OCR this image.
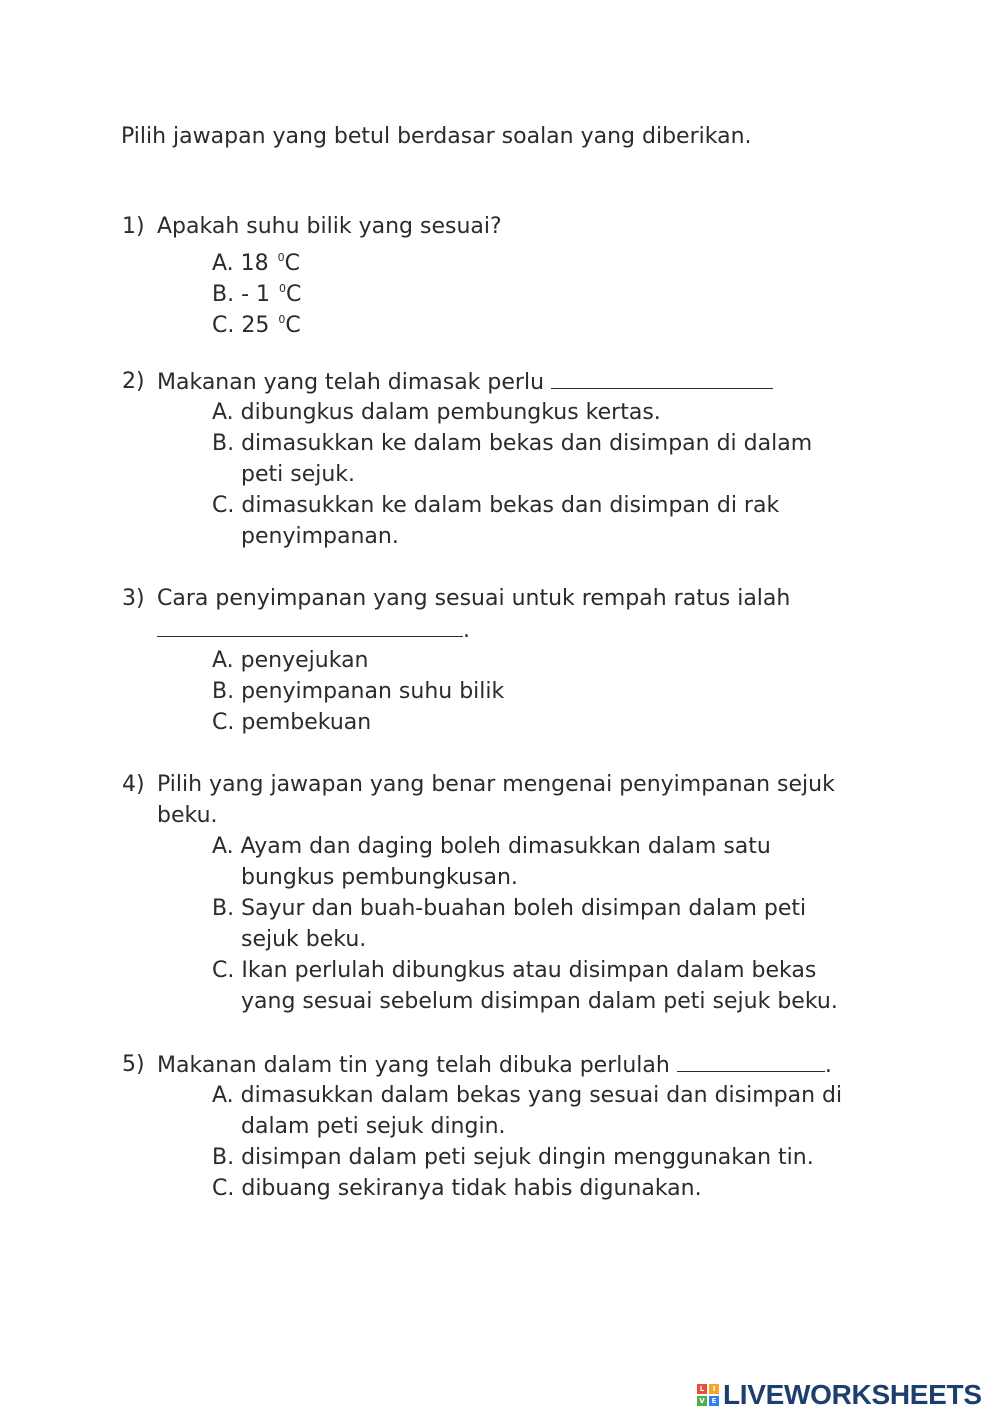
Pilih jawapan yang betul berdasar soalan yang diberikan.
1) Apakah suhu bilik yang sesuai?
A. 18 $^0$C
B. - 1 $^0$C
C. 25 $^0$C
2) Makanan yang telah dimasak perlu
A. dibungkus dalam pembungkus kertas.
B. dimasukkan ke dalam bekas dan disimpan di dalam
peti sejuk.
C. dimasukkan ke dalam bekas dan disimpan di rak
penyimpanan.
3) Cara penyimpanan yang sesuai untuk rempah ratus ialah
.
A. penyejukan
B. penyimpanan suhu bilik
C. pembekuan
4) Pilih yang jawapan yang benar mengenai penyimpanan sejuk
beku.
A. Ayam dan daging boleh dimasukkan dalam satu
bungkus pembungkusan.
B. Sayur dan buah-buahan boleh disimpan dalam peti
sejuk beku.
C. Ikan perlulah dibungkus atau disimpan dalam bekas
yang sesuai sebelum disimpan dalam peti sejuk beku.
5) Makanan dalam tin yang telah dibuka perlulah	.
A. dimasukkan dalam bekas yang sesuai dan disimpan di
dalam peti sejuk dingin.
B. disimpan dalam peti sejuk dingin menggunakan tin.
C. dibuang sekiranya tidak habis digunakan.
L	I
V E LIVEWORKSHEETS
